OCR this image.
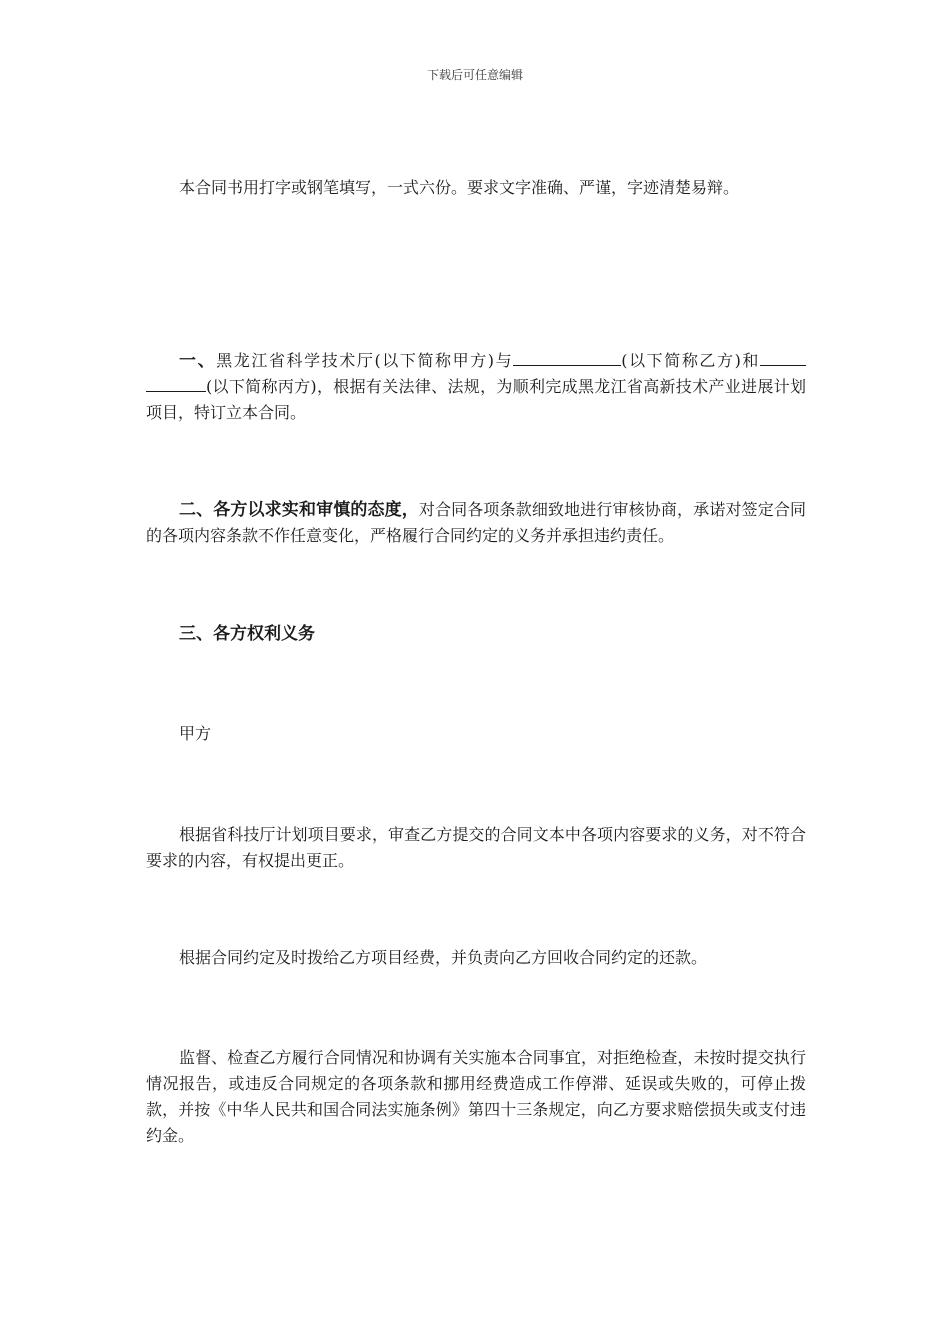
下载后可任意编辑

本合同书用打字或钢笔填写，一式六份。要求文字准确、严谨，字迹清楚易辩。

一、黑龙江省科学技术厅(以下简称甲方)与	(以下简称乙方)和(以下简称丙方)，根据有关法律、法规，为顺利完成黑龙江省高新技术产业进展计划项目，特订立本合同。

二、各方以求实和审慎的态度，对合同各项条款细致地进行审核协商，承诺对签定合同的各项内容条款不作任意变化，严格履行合同约定的义务并承担违约责任。

三、各方权利义务

甲方

根据省科技厅计划项目要求，审查乙方提交的合同文本中各项内容要求的义务，对不符合要求的内容，有权提出更正。

根据合同约定及时拨给乙方项目经费，并负责向乙方回收合同约定的还款。

监督、检查乙方履行合同情况和协调有关实施本合同事宜，对拒绝检查，未按时提交执行情况报告，或违反合同规定的各项条款和挪用经费造成工作停滞、延误或失败的，可停止拨款，并按《中华人民共和国合同法实施条例》第四十三条规定，向乙方要求赔偿损失或支付违约金。
